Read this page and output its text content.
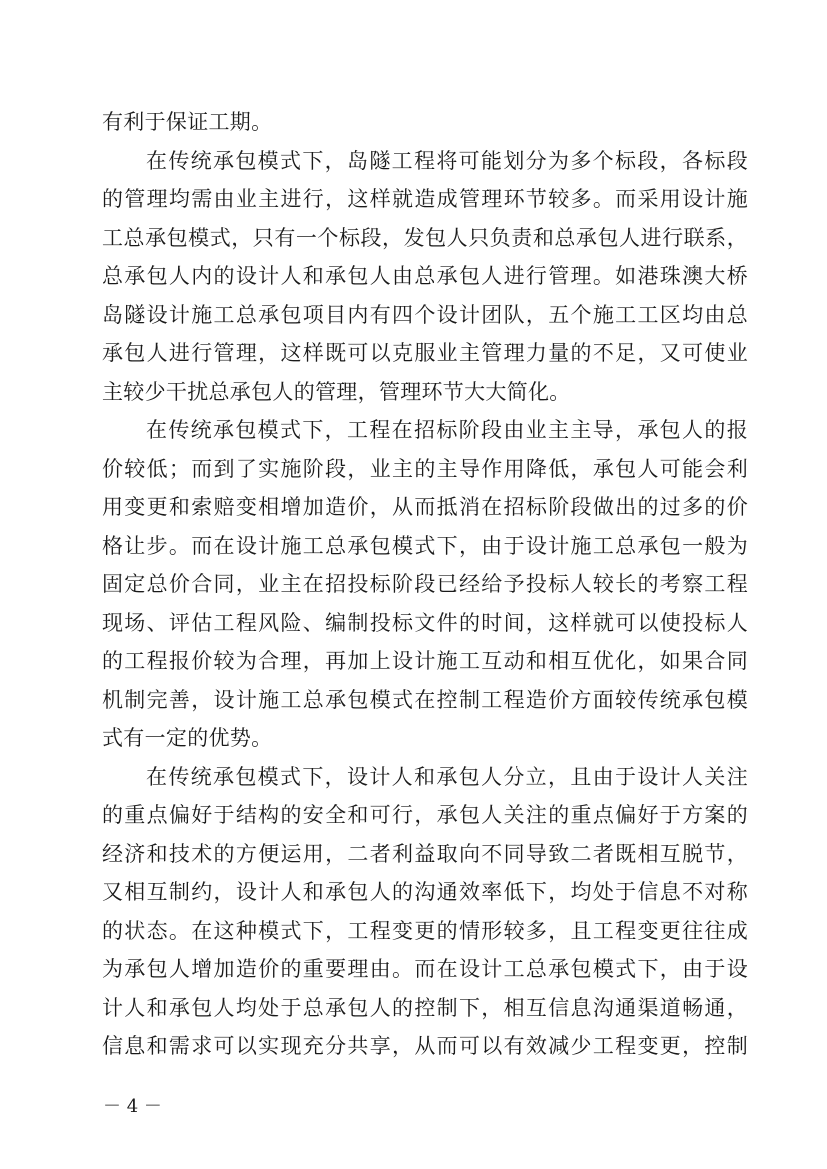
有利于保证工期。
在传统承包模式下，岛隧工程将可能划分为多个标段，各标段
的管理均需由业主进行，这样就造成管理环节较多。而采用设计施
工总承包模式，只有一个标段，发包人只负责和总承包人进行联系，
总承包人内的设计人和承包人由总承包人进行管理。如港珠澳大桥
岛隧设计施工总承包项目内有四个设计团队，五个施工工区均由总
承包人进行管理，这样既可以克服业主管理力量的不足，又可使业
主较少干扰总承包人的管理，管理环节大大简化。
在传统承包模式下，工程在招标阶段由业主主导，承包人的报
价较低；而到了实施阶段，业主的主导作用降低，承包人可能会利
用变更和索赔变相增加造价，从而抵消在招标阶段做出的过多的价
格让步。而在设计施工总承包模式下，由于设计施工总承包一般为
固定总价合同，业主在招投标阶段已经给予投标人较长的考察工程
现场、评估工程风险、编制投标文件的时间，这样就可以使投标人
的工程报价较为合理，再加上设计施工互动和相互优化，如果合同
机制完善，设计施工总承包模式在控制工程造价方面较传统承包模
式有一定的优势。
在传统承包模式下，设计人和承包人分立，且由于设计人关注
的重点偏好于结构的安全和可行，承包人关注的重点偏好于方案的
经济和技术的方便运用，二者利益取向不同导致二者既相互脱节，
又相互制约，设计人和承包人的沟通效率低下，均处于信息不对称
的状态。在这种模式下，工程变更的情形较多，且工程变更往往成
为承包人增加造价的重要理由。而在设计工总承包模式下，由于设
计人和承包人均处于总承包人的控制下，相互信息沟通渠道畅通，
信息和需求可以实现充分共享，从而可以有效减少工程变更，控制
－ 4 －
